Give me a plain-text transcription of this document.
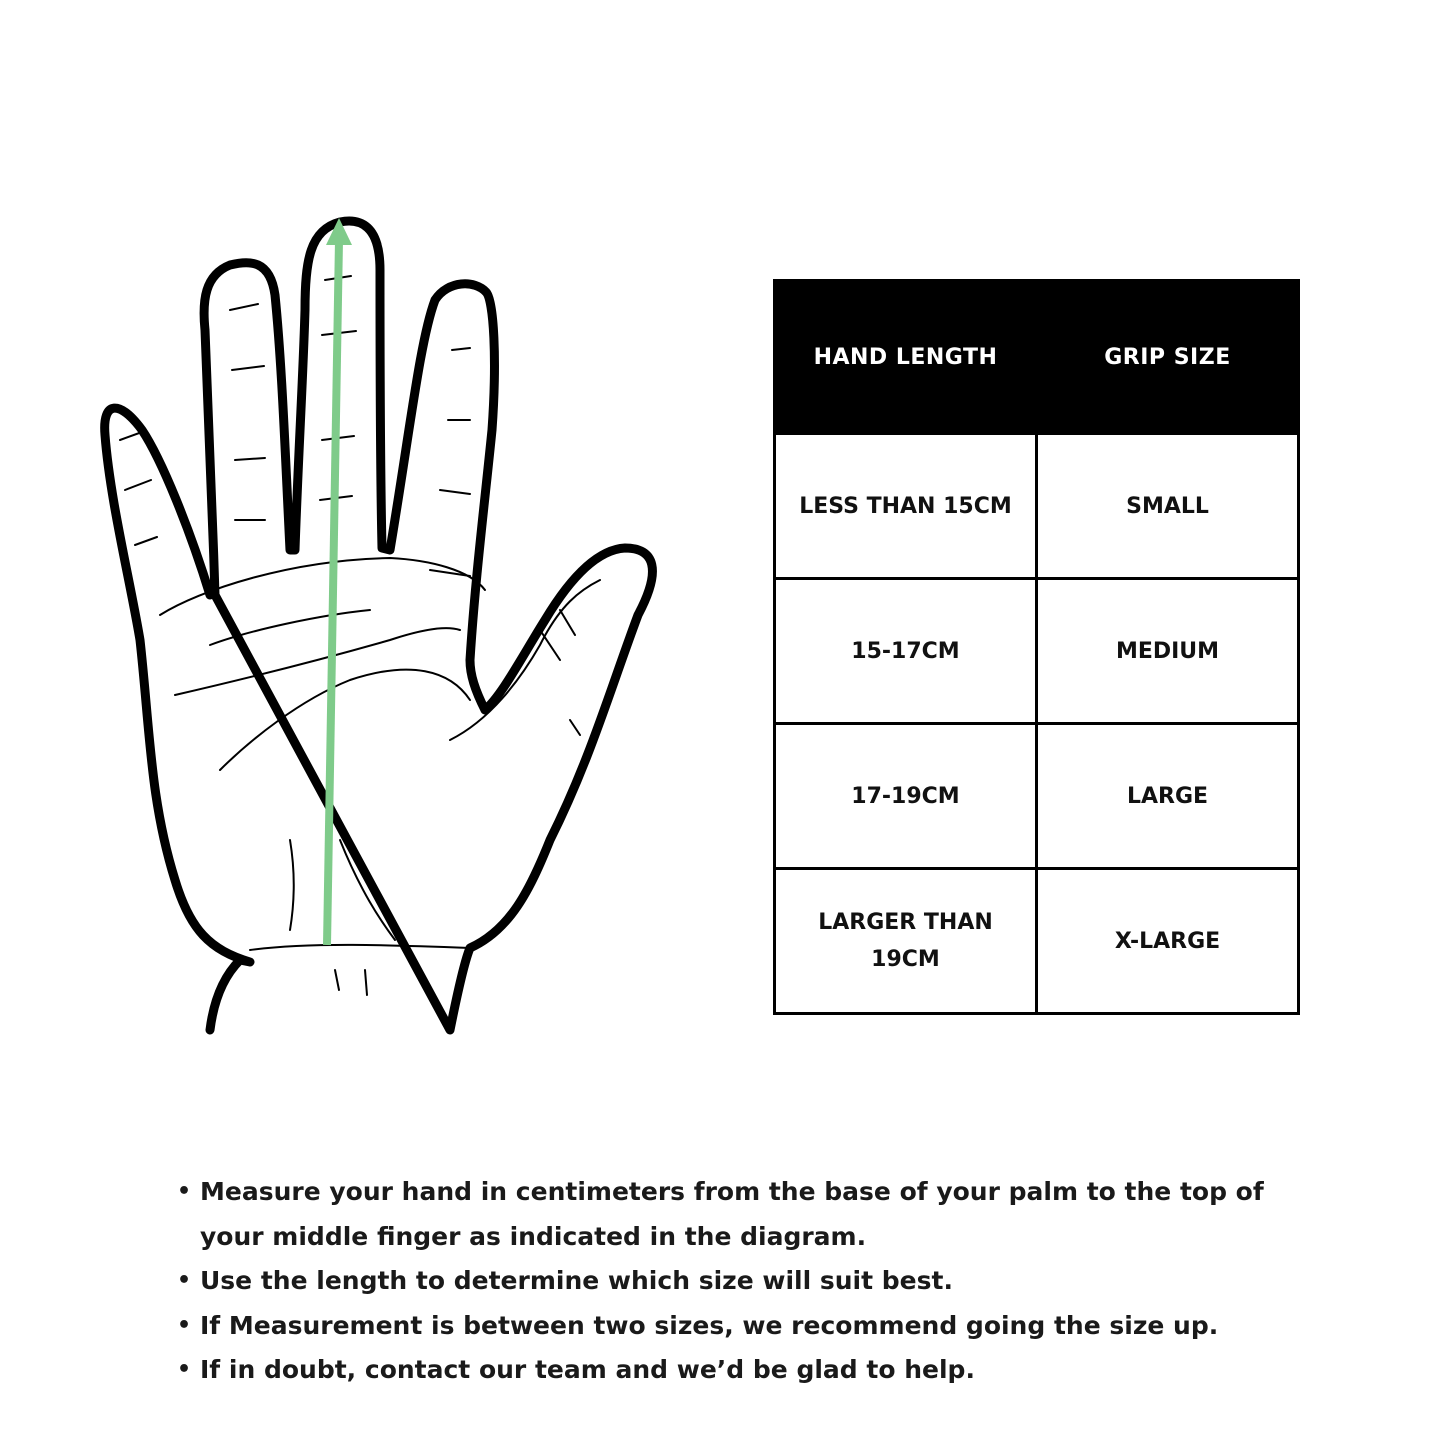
HAND LENGTH	GRIP SIZE
LESS THAN 15CM	SMALL
15-17CM	MEDIUM
17-19CM	LARGE
LARGER THAN 19CM	X-LARGE
• Measure your hand in centimeters from the base of your palm to the top of your middle finger as indicated in the diagram.
• Use the length to determine which size will suit best.
• If Measurement is between two sizes, we recommend going the size up.
• If in doubt, contact our team and we’d be glad to help.
